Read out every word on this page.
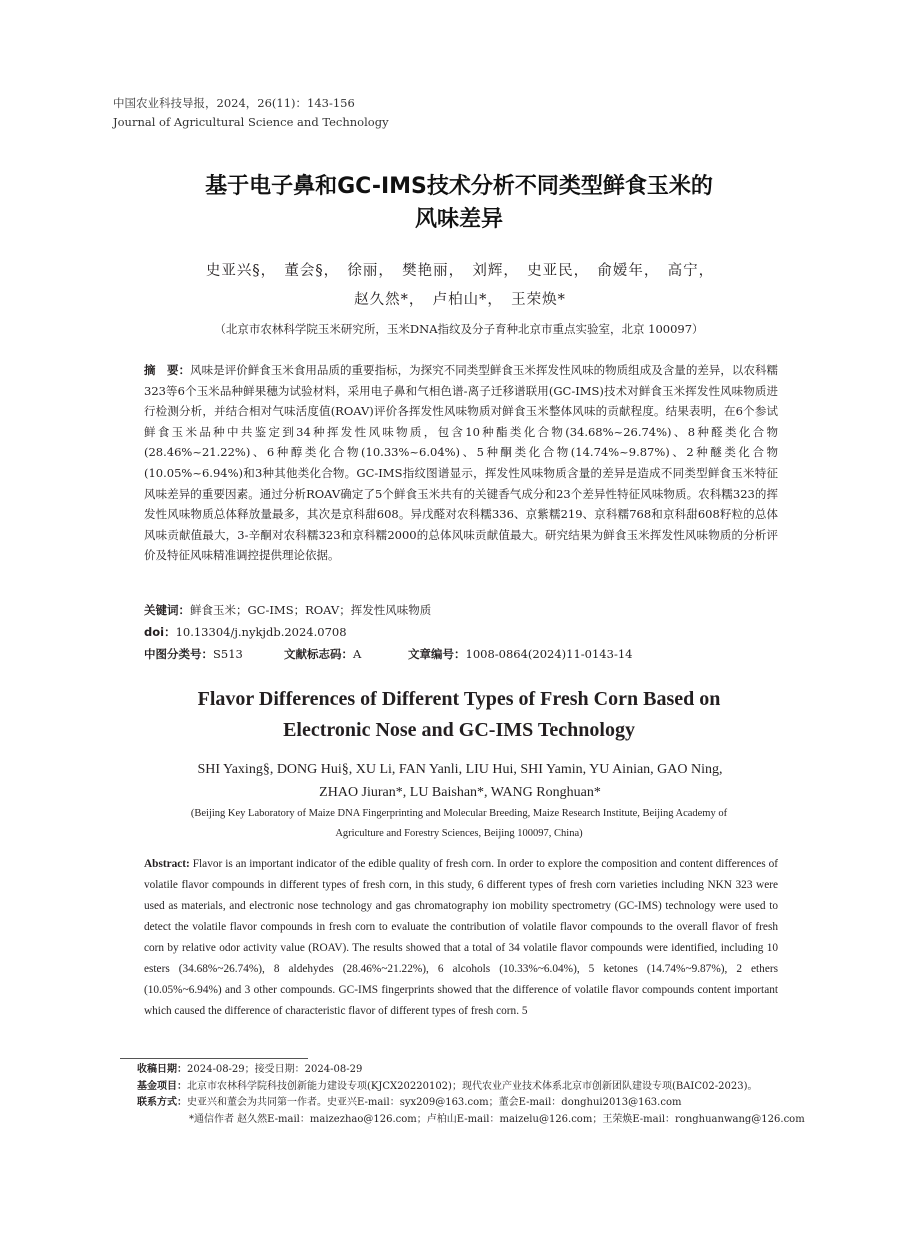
中国农业科技导报，2024，26(11)：143-156
Journal of Agricultural Science and Technology
基于电子鼻和GC-IMS技术分析不同类型鲜食玉米的
风味差异
史亚兴§，　董会§，　徐丽，　樊艳丽，　刘辉，　史亚民，　俞嫒年，　高宁，
赵久然*，　卢柏山*，　王荣焕*
（北京市农林科学院玉米研究所，玉米DNA指纹及分子育种北京市重点实验室，北京 100097）
摘　要：风味是评价鲜食玉米食用品质的重要指标，为探究不同类型鲜食玉米挥发性风味的物质组成及含量的差异，以农科糯323等6个玉米品种鲜果穗为试验材料，采用电子鼻和气相色谱-离子迁移谱联用(GC-IMS)技术对鲜食玉米挥发性风味物质进行检测分析，并结合相对气味活度值(ROAV)评价各挥发性风味物质对鲜食玉米整体风味的贡献程度。结果表明，在6个参试鲜食玉米品种中共鉴定到34种挥发性风味物质，包含10种酯类化合物(34.68%~26.74%)、8种醛类化合物(28.46%~21.22%)、6种醇类化合物(10.33%~6.04%)、5种酮类化合物(14.74%~9.87%)、2种醚类化合物(10.05%~6.94%)和3种其他类化合物。GC-IMS指纹图谱显示，挥发性风味物质含量的差异是造成不同类型鲜食玉米特征风味差异的重要因素。通过分析ROAV确定了5个鲜食玉米共有的关键香气成分和23个差异性特征风味物质。农科糯323的挥发性风味物质总体释放量最多，其次是京科甜608。异戊醛对农科糯336、京紫糯219、京科糯768和京科甜608籽粒的总体风味贡献值最大，3-辛酮对农科糯323和京科糯2000的总体风味贡献值最大。研究结果为鲜食玉米挥发性风味物质的分析评价及特征风味精准调控提供理论依据。
关键词：鲜食玉米；GC-IMS；ROAV；挥发性风味物质
doi：10.13304/j.nykjdb.2024.0708
中图分类号：S513	文献标志码：A	文章编号：1008-0864(2024)11-0143-14
Flavor Differences of Different Types of Fresh Corn Based on
Electronic Nose and GC-IMS Technology
SHI Yaxing§, DONG Hui§, XU Li, FAN Yanli, LIU Hui, SHI Yamin, YU Ainian, GAO Ning,
ZHAO Jiuran*, LU Baishan*, WANG Ronghuan*
(Beijing Key Laboratory of Maize DNA Fingerprinting and Molecular Breeding, Maize Research Institute, Beijing Academy of
Agriculture and Forestry Sciences, Beijing 100097, China)
Abstract: Flavor is an important indicator of the edible quality of fresh corn. In order to explore the composition and content differences of volatile flavor compounds in different types of fresh corn, in this study, 6 different types of fresh corn varieties including NKN 323 were used as materials, and electronic nose technology and gas chromatography ion mobility spectrometry (GC-IMS) technology were used to detect the volatile flavor compounds in fresh corn to evaluate the contribution of volatile flavor compounds to the overall flavor of fresh corn by relative odor activity value (ROAV). The results showed that a total of 34 volatile flavor compounds were identified, including 10 esters (34.68%~26.74%), 8 aldehydes (28.46%~21.22%), 6 alcohols (10.33%~6.04%), 5 ketones (14.74%~9.87%), 2 ethers (10.05%~6.94%) and 3 other compounds. GC-IMS fingerprints showed that the difference of volatile flavor compounds content important which caused the difference of characteristic flavor of different types of fresh corn. 5
收稿日期： 2024-08-29；接受日期：2024-08-29
基金项目： 北京市农林科学院科技创新能力建设专项(KJCX20220102)；现代农业产业技术体系北京市创新团队建设专项(BAIC02-2023)。
联系方式： 史亚兴和董会为共同第一作者。史亚兴E-mail：syx209@163.com；董会E-mail：donghui2013@163.com
*通信作者 赵久然E-mail：maizezhao@126.com；卢柏山E-mail：maizelu@126.com；王荣焕E-mail：ronghuanwang@126.com
